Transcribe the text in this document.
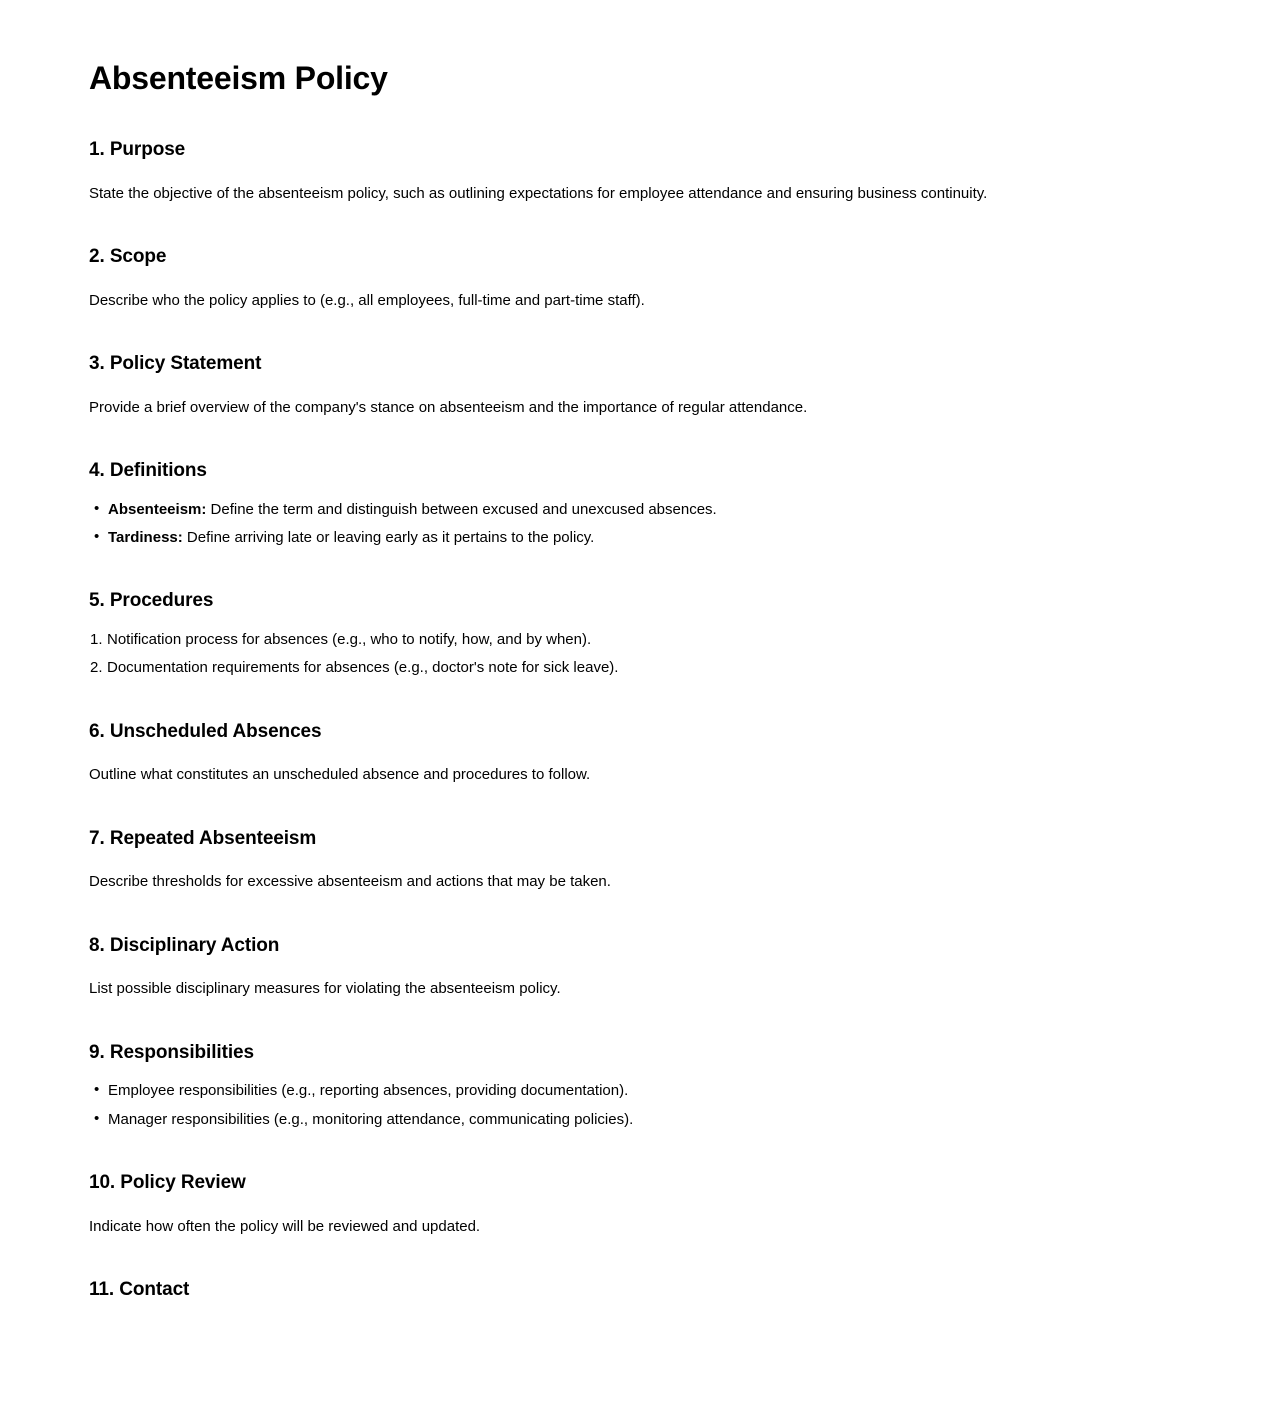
Absenteeism Policy
1. Purpose

State the objective of the absenteeism policy, such as outlining expectations for employee attendance and ensuring business continuity.

2. Scope

Describe who the policy applies to (e.g., all employees, full-time and part-time staff).

3. Policy Statement

Provide a brief overview of the company's stance on absenteeism and the importance of regular attendance.

4. Definitions
• Absenteeism: Define the term and distinguish between excused and unexcused absences.
• Tardiness: Define arriving late or leaving early as it pertains to the policy.
5. Procedures
Notification process for absences (e.g., who to notify, how, and by when).
Documentation requirements for absences (e.g., doctor's note for sick leave).
6. Unscheduled Absences

Outline what constitutes an unscheduled absence and procedures to follow.

7. Repeated Absenteeism

Describe thresholds for excessive absenteeism and actions that may be taken.

8. Disciplinary Action

List possible disciplinary measures for violating the absenteeism policy.

9. Responsibilities
• Employee responsibilities (e.g., reporting absences, providing documentation).
• Manager responsibilities (e.g., monitoring attendance, communicating policies).
10. Policy Review

Indicate how often the policy will be reviewed and updated.

11. Contact
